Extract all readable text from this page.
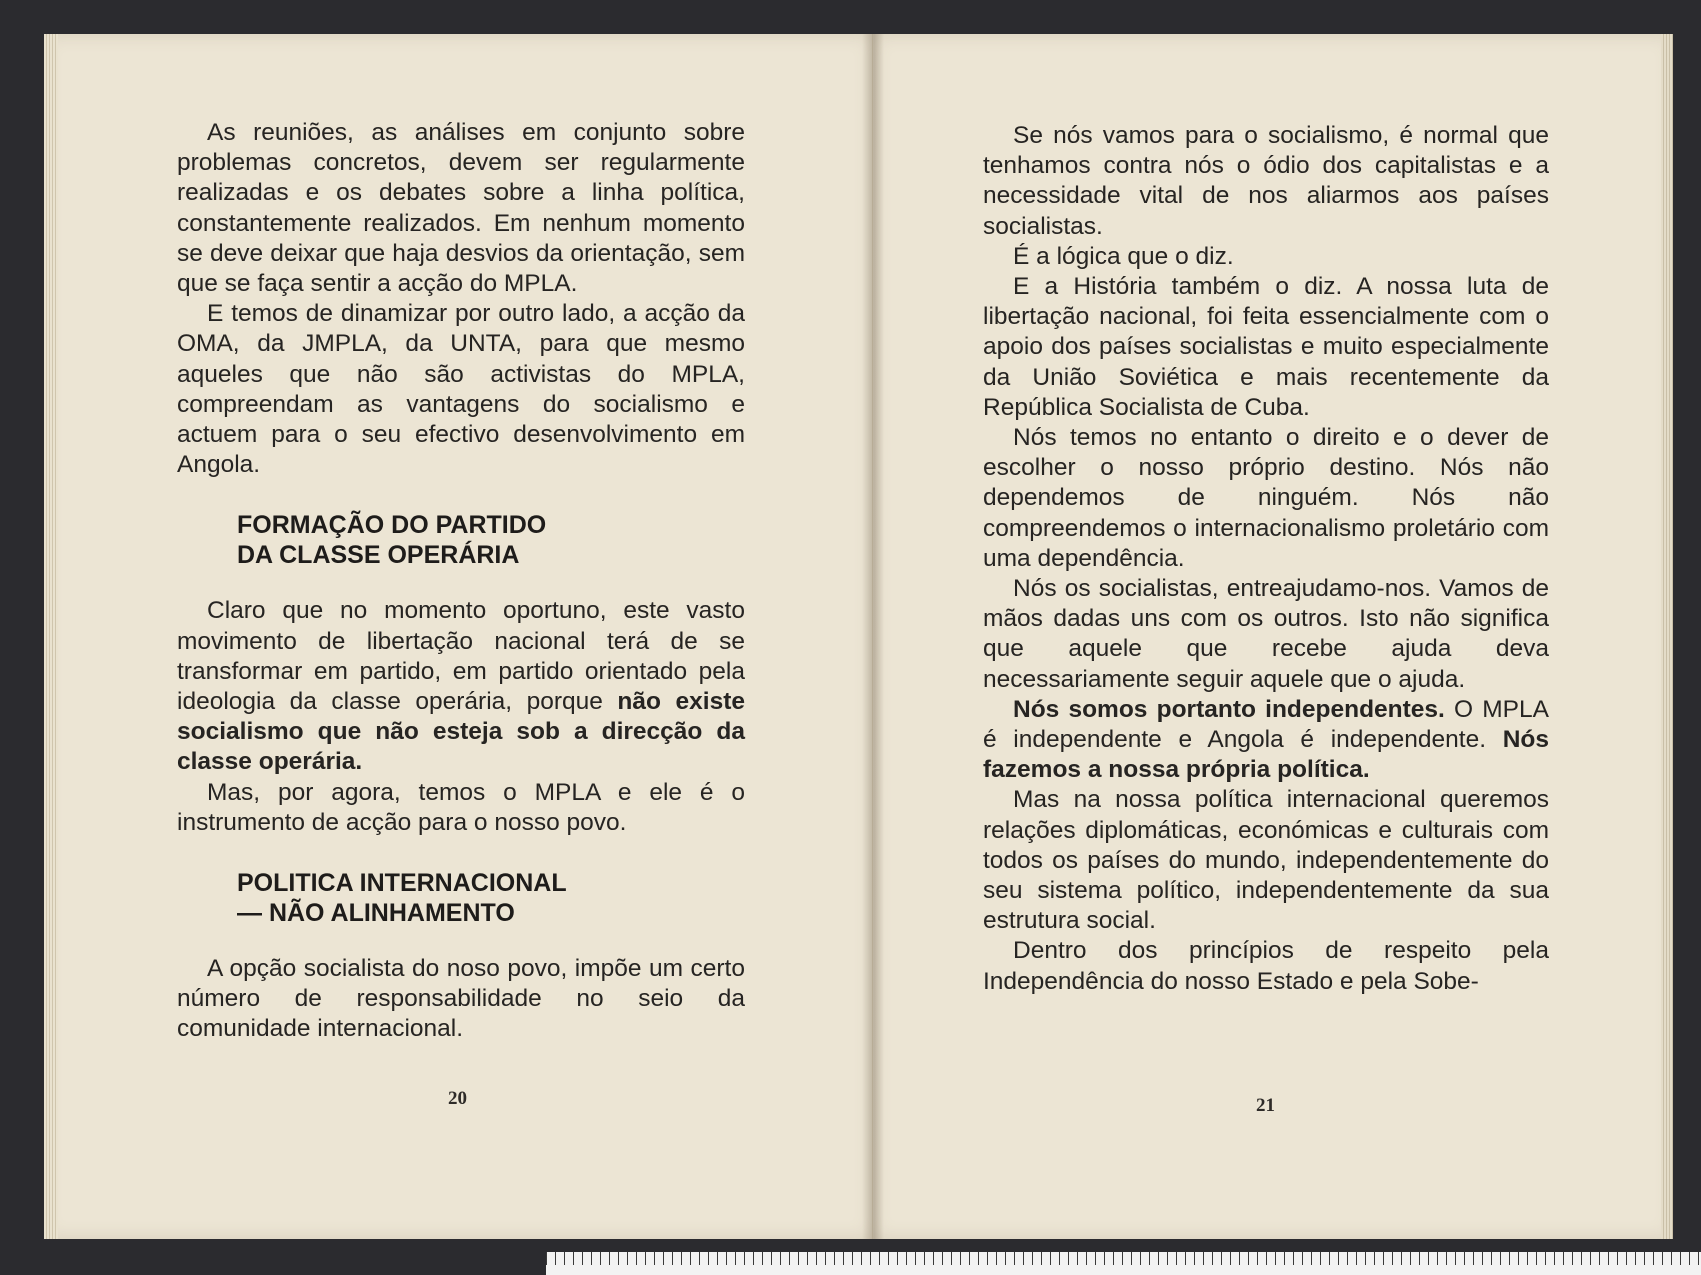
As reuniões, as análises em conjunto sobre problemas concretos, devem ser regularmente realizadas e os debates sobre a linha política, constantemente realizados. Em nenhum momento se deve deixar que haja desvios da orientação, sem que se faça sentir a acção do MPLA.

E temos de dinamizar por outro lado, a acção da OMA, da JMPLA, da UNTA, para que mesmo aqueles que não são activistas do MPLA, compreendam as vantagens do socialismo e actuem para o seu efectivo desenvolvimento em Angola.

FORMAÇÃO DO PARTIDO
DA CLASSE OPERÁRIA

Claro que no momento oportuno, este vasto movimento de libertação nacional terá de se transformar em partido, em partido orientado pela ideologia da classe operária, porque não existe socialismo que não esteja sob a direcção da classe operária.

Mas, por agora, temos o MPLA e ele é o instrumento de acção para o nosso povo.

POLITICA INTERNACIONAL
— NÃO ALINHAMENTO

A opção socialista do noso povo, impõe um certo número de responsabilidade no seio da comunidade internacional.

20

Se nós vamos para o socialismo, é normal que tenhamos contra nós o ódio dos capitalistas e a necessidade vital de nos aliarmos aos países socialistas.

É a lógica que o diz.

E a História também o diz. A nossa luta de libertação nacional, foi feita essencialmente com o apoio dos países socialistas e muito especialmente da União Soviética e mais recentemente da República Socialista de Cuba.

Nós temos no entanto o direito e o dever de escolher o nosso próprio destino. Nós não dependemos de ninguém. Nós não compreendemos o internacionalismo proletário com uma dependência.

Nós os socialistas, entreajudamo-nos. Vamos de mãos dadas uns com os outros. Isto não significa que aquele que recebe ajuda deva necessariamente seguir aquele que o ajuda.

Nós somos portanto independentes. O MPLA é independente e Angola é independente. Nós fazemos a nossa própria política.

Mas na nossa política internacional queremos relações diplomáticas, económicas e culturais com todos os países do mundo, independentemente do seu sistema político, independentemente da sua estrutura social.

Dentro dos princípios de respeito pela Independência do nosso Estado e pela Sobe-

21
